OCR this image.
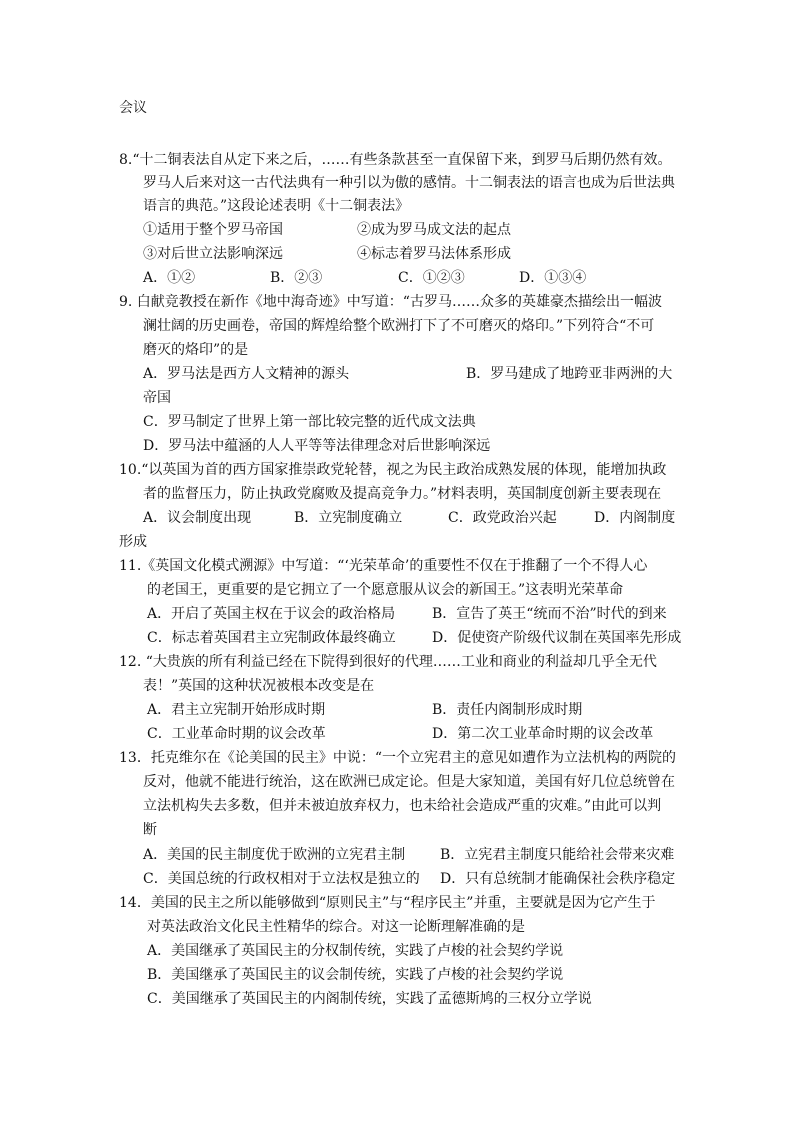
会议
8.“十二铜表法自从定下来之后，……有些条款甚至一直保留下来，到罗马后期仍然有效。
罗马人后来对这一古代法典有一种引以为傲的感情。十二铜表法的语言也成为后世法典
语言的典范。”这段论述表明《十二铜表法》
①适用于整个罗马帝国	②成为罗马成文法的起点
③对后世立法影响深远	④标志着罗马法体系形成
A．①②	B．②③	C．①②③	D．①③④
9. 白献竞教授在新作《地中海奇迹》中写道：“古罗马……众多的英雄豪杰描绘出一幅波
澜壮阔的历史画卷，帝国的辉煌给整个欧洲打下了不可磨灭的烙印。”下列符合“不可
磨灭的烙印”的是
A．罗马法是西方人文精神的源头	B．罗马建成了地跨亚非两洲的大
帝国
C．罗马制定了世界上第一部比较完整的近代成文法典
D．罗马法中蕴涵的人人平等等法律理念对后世影响深远
10.“以英国为首的西方国家推崇政党轮替，视之为民主政治成熟发展的体现，能增加执政
者的监督压力，防止执政党腐败及提高竞争力。”材料表明，英国制度创新主要表现在
A．议会制度出现	B．立宪制度确立	C．政党政治兴起	D．内阁制度
形成
11.《英国文化模式溯源》中写道：“‘光荣革命’的重要性不仅在于推翻了一个不得人心
的老国王，更重要的是它拥立了一个愿意服从议会的新国王。”这表明光荣革命
A．开启了英国主权在于议会的政治格局	B．宣告了英王“统而不治”时代的到来
C．标志着英国君主立宪制政体最终确立	D．促使资产阶级代议制在英国率先形成
12. “大贵族的所有利益已经在下院得到很好的代理……工业和商业的利益却几乎全无代
表！”英国的这种状况被根本改变是在
A．君主立宪制开始形成时期	B．责任内阁制形成时期
C．工业革命时期的议会改革	D．第二次工业革命时期的议会改革
13．托克维尔在《论美国的民主》中说：“一个立宪君主的意见如遭作为立法机构的两院的
反对，他就不能进行统治，这在欧洲已成定论。但是大家知道，美国有好几位总统曾在
立法机构失去多数，但并未被迫放弃权力，也未给社会造成严重的灾难。”由此可以判
断
A．美国的民主制度优于欧洲的立宪君主制 B．立宪君主制度只能给社会带来灾难
C．美国总统的行政权相对于立法权是独立的 D．只有总统制才能确保社会秩序稳定
14．美国的民主之所以能够做到“原则民主”与“程序民主”并重，主要就是因为它产生于
对英法政治文化民主性精华的综合。对这一论断理解准确的是
A．美国继承了英国民主的分权制传统，实践了卢梭的社会契约学说
B．美国继承了英国民主的议会制传统，实践了卢梭的社会契约学说
C．美国继承了英国民主的内阁制传统，实践了孟德斯鸠的三权分立学说
